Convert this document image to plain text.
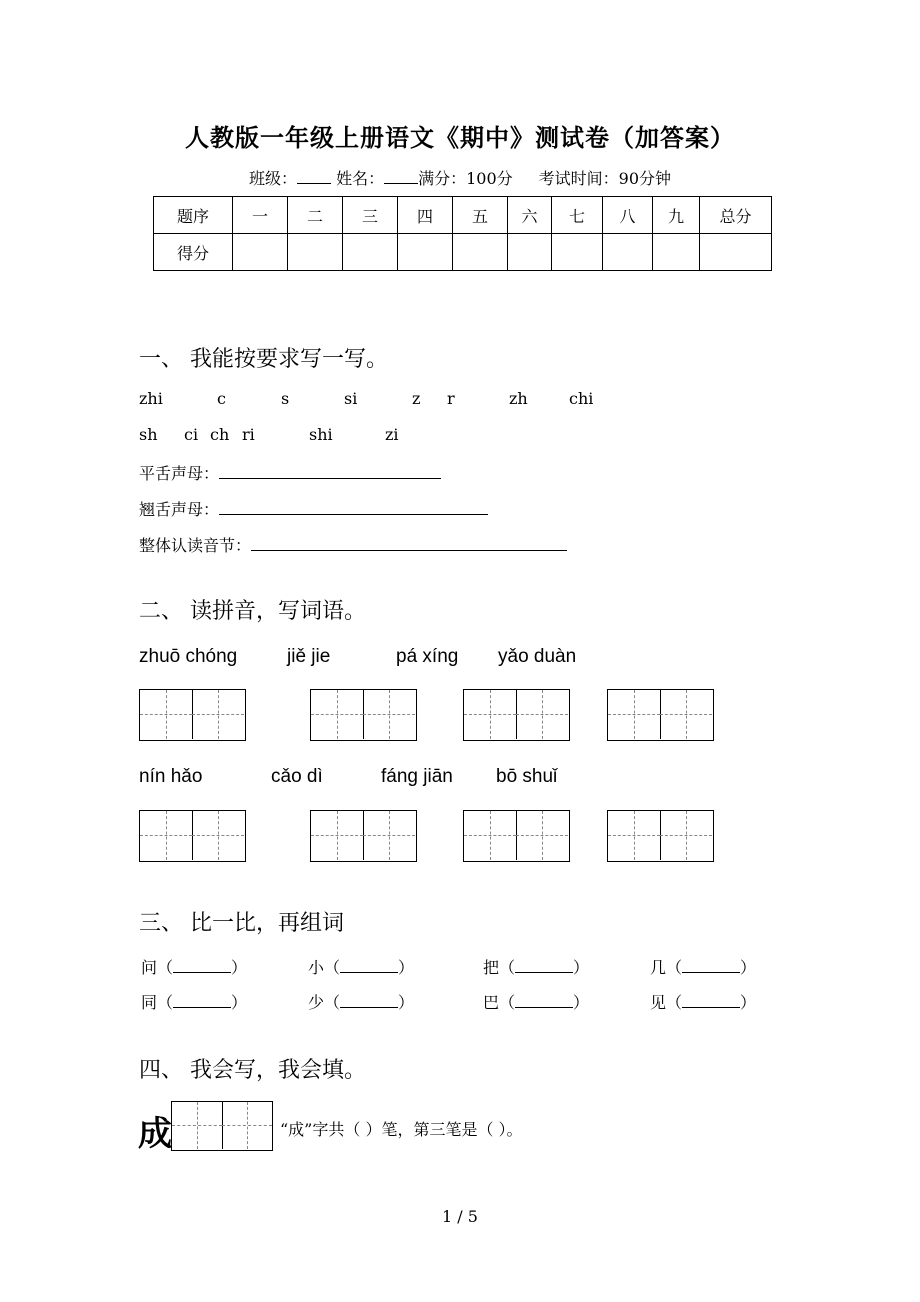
人教版一年级上册语文《期中》测试卷（加答案）
班级： 姓名： 满分：100分 考试时间：90分钟
题序	一	二	三	四	五	六	七	八	九	总分
得分										
一、 我能按要求写一写。
zhi	c	s	si	z r	zh	chi
sh ci ch ri	shi	zi
平舌声母：
翘舌声母：
整体认读音节：
二、 读拼音，写词语。
zhuō chóng	jiě jie	pá xíng yǎo duàn
nín hǎo	cǎo dì	fáng jiān bō shuǐ
三、 比一比，再组词
问（	）	小（	）	把（	）	几（	）
同（	）	少（	）	巴（	）	见（	）
四、 我会写，我会填。
成	“成”字共（ ）笔，第三笔是（ ）。
1 / 5
